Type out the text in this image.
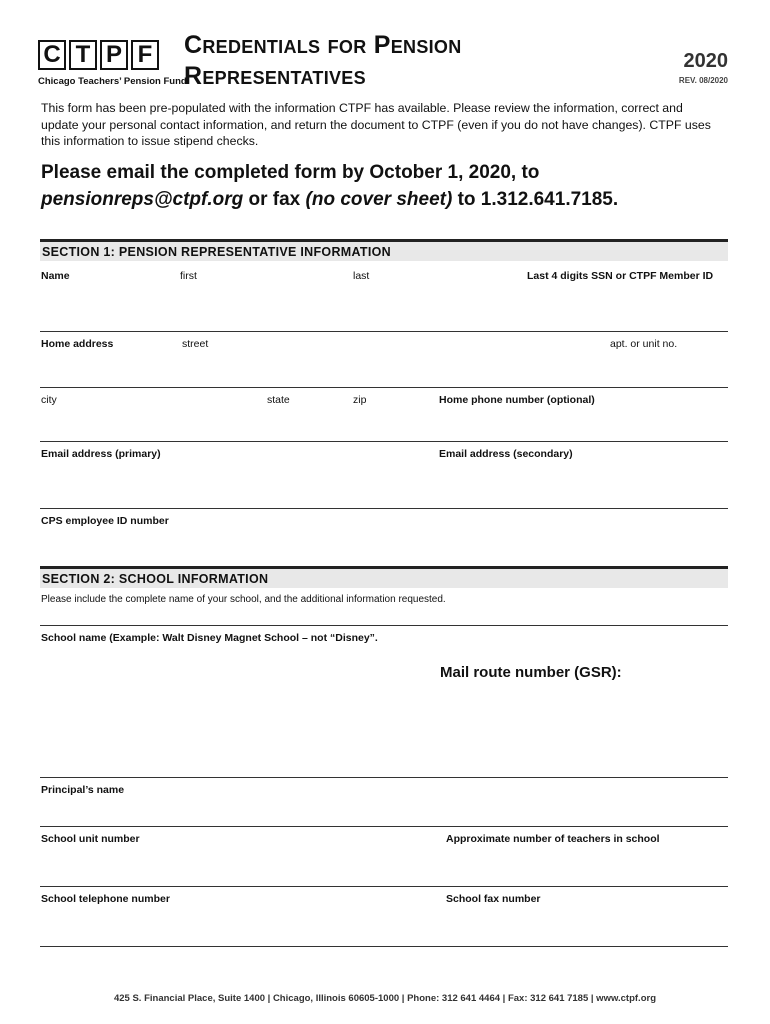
C T P F
Chicago Teachers’ Pension Fund
Credentials for Pension
Representatives
2020
REV. 08/2020
This form has been pre-populated with the information CTPF has available. Please review the information, correct and update your personal contact information, and return the document to CTPF (even if you do not have changes). CTPF uses this information to issue stipend checks.
Please email the completed form by October 1, 2020, to
pensionreps@ctpf.org or fax (no cover sheet) to 1.312.641.7185.
SECTION 1: PENSION REPRESENTATIVE INFORMATION
Name	first	last	Last 4 digits SSN or CTPF Member ID
Home address	street	apt. or unit no.
city	state	zip	Home phone number (optional)
Email address (primary)	Email address (secondary)
CPS employee ID number
SECTION 2: SCHOOL INFORMATION
Please include the complete name of your school, and the additional information requested.
School name (Example: Walt Disney Magnet School – not “Disney”.
Mail route number (GSR):
Principal’s name
School unit number	Approximate number of teachers in school
School telephone number	School fax number
425 S. Financial Place, Suite 1400 | Chicago, Illinois 60605-1000 | Phone: 312 641 4464 | Fax: 312 641 7185 | www.ctpf.org
